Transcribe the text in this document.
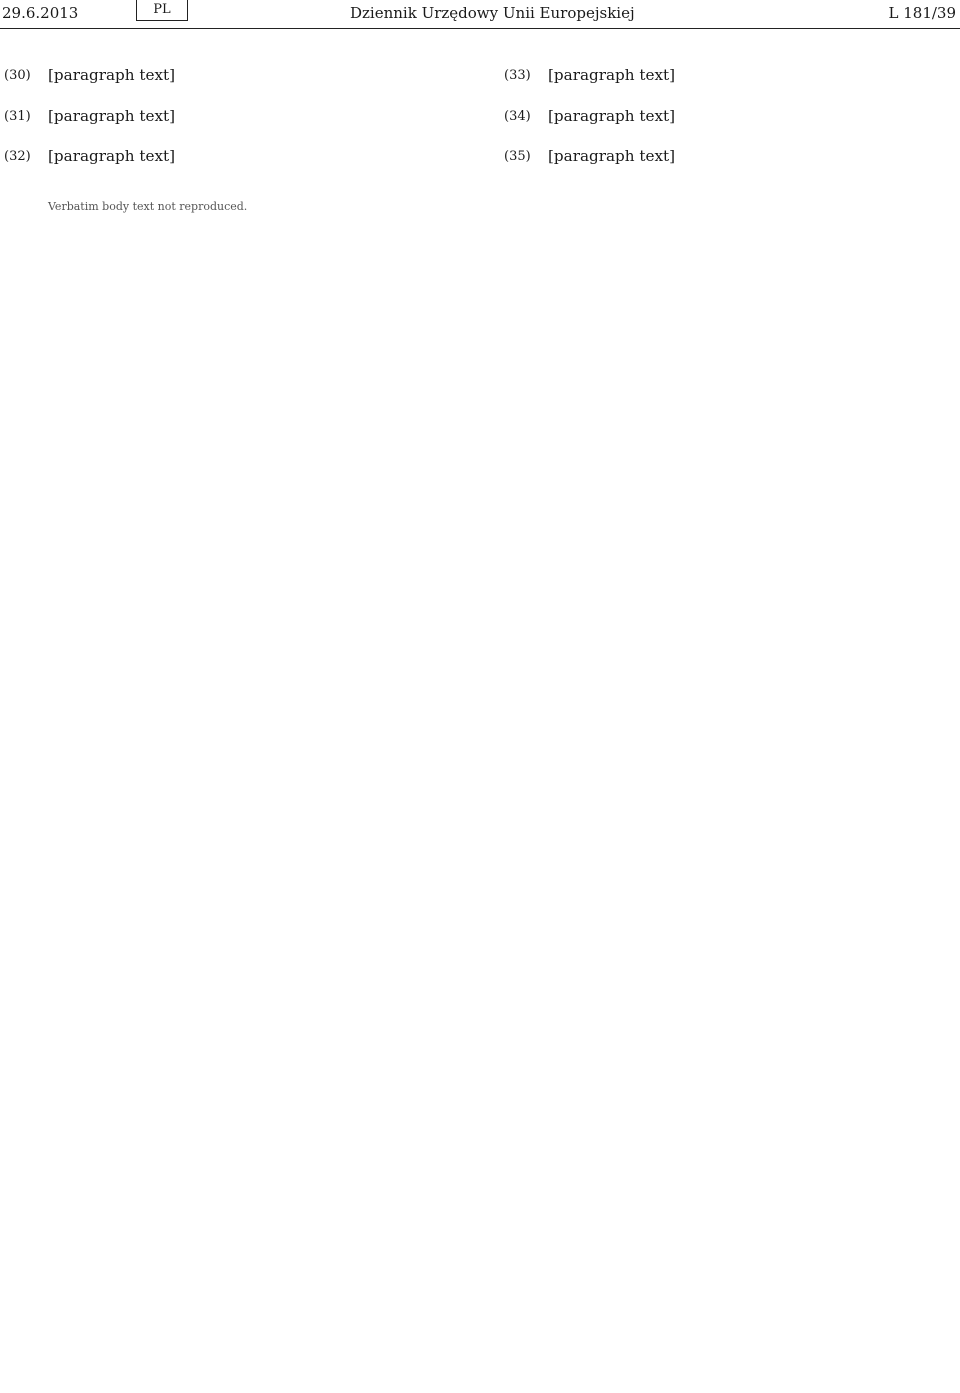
29.6.2013	PL	Dziennik Urzędowy Unii Europejskiej	L 181/39
(30) [paragraph text]
(31) [paragraph text]
(32) [paragraph text]
Verbatim body text not reproduced.
(33) [paragraph text]
(34) [paragraph text]
(35) [paragraph text]
